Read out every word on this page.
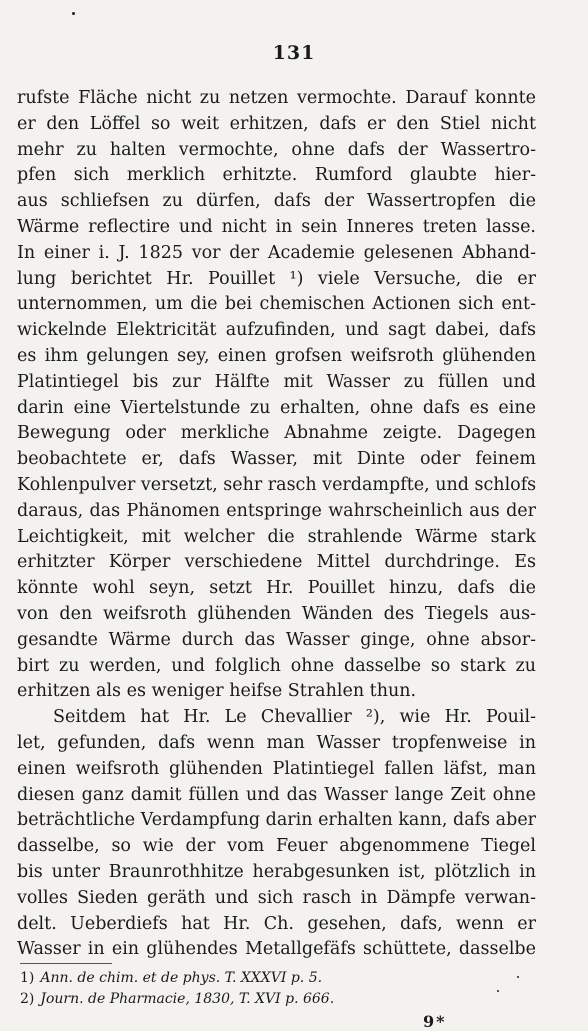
131
rufste Fläche nicht zu netzen vermochte. Darauf konnte
er den Löffel so weit erhitzen, dafs er den Stiel nicht
mehr zu halten vermochte, ohne dafs der Wassertro-
pfen sich merklich erhitzte. Rumford glaubte hier-
aus schliefsen zu dürfen, dafs der Wassertropfen die
Wärme reflectire und nicht in sein Inneres treten lasse.
In einer i. J. 1825 vor der Academie gelesenen Abhand-
lung berichtet Hr. Pouillet ¹) viele Versuche, die er
unternommen, um die bei chemischen Actionen sich ent-
wickelnde Elektricität aufzufinden, und sagt dabei, dafs
es ihm gelungen sey, einen grofsen weifsroth glühenden
Platintiegel bis zur Hälfte mit Wasser zu füllen und
darin eine Viertelstunde zu erhalten, ohne dafs es eine
Bewegung oder merkliche Abnahme zeigte. Dagegen
beobachtete er, dafs Wasser, mit Dinte oder feinem
Kohlenpulver versetzt, sehr rasch verdampfte, und schlofs
daraus, das Phänomen entspringe wahrscheinlich aus der
Leichtigkeit, mit welcher die strahlende Wärme stark
erhitzter Körper verschiedene Mittel durchdringe. Es
könnte wohl seyn, setzt Hr. Pouillet hinzu, dafs die
von den weifsroth glühenden Wänden des Tiegels aus-
gesandte Wärme durch das Wasser ginge, ohne absor-
birt zu werden, und folglich ohne dasselbe so stark zu
erhitzen als es weniger heifse Strahlen thun.
Seitdem hat Hr. Le Chevallier ²), wie Hr. Pouil-
let, gefunden, dafs wenn man Wasser tropfenweise in
einen weifsroth glühenden Platintiegel fallen läfst, man
diesen ganz damit füllen und das Wasser lange Zeit ohne
beträchtliche Verdampfung darin erhalten kann, dafs aber
dasselbe, so wie der vom Feuer abgenommene Tiegel
bis unter Braunrothhitze herabgesunken ist, plötzlich in
volles Sieden geräth und sich rasch in Dämpfe verwan-
delt. Ueberdiefs hat Hr. Ch. gesehen, dafs, wenn er
Wasser in ein glühendes Metallgefäfs schüttete, dasselbe
1) Ann. de chim. et de phys. T. XXXVI p. 5.
2) Journ. de Pharmacie, 1830, T. XVI p. 666.
9*
